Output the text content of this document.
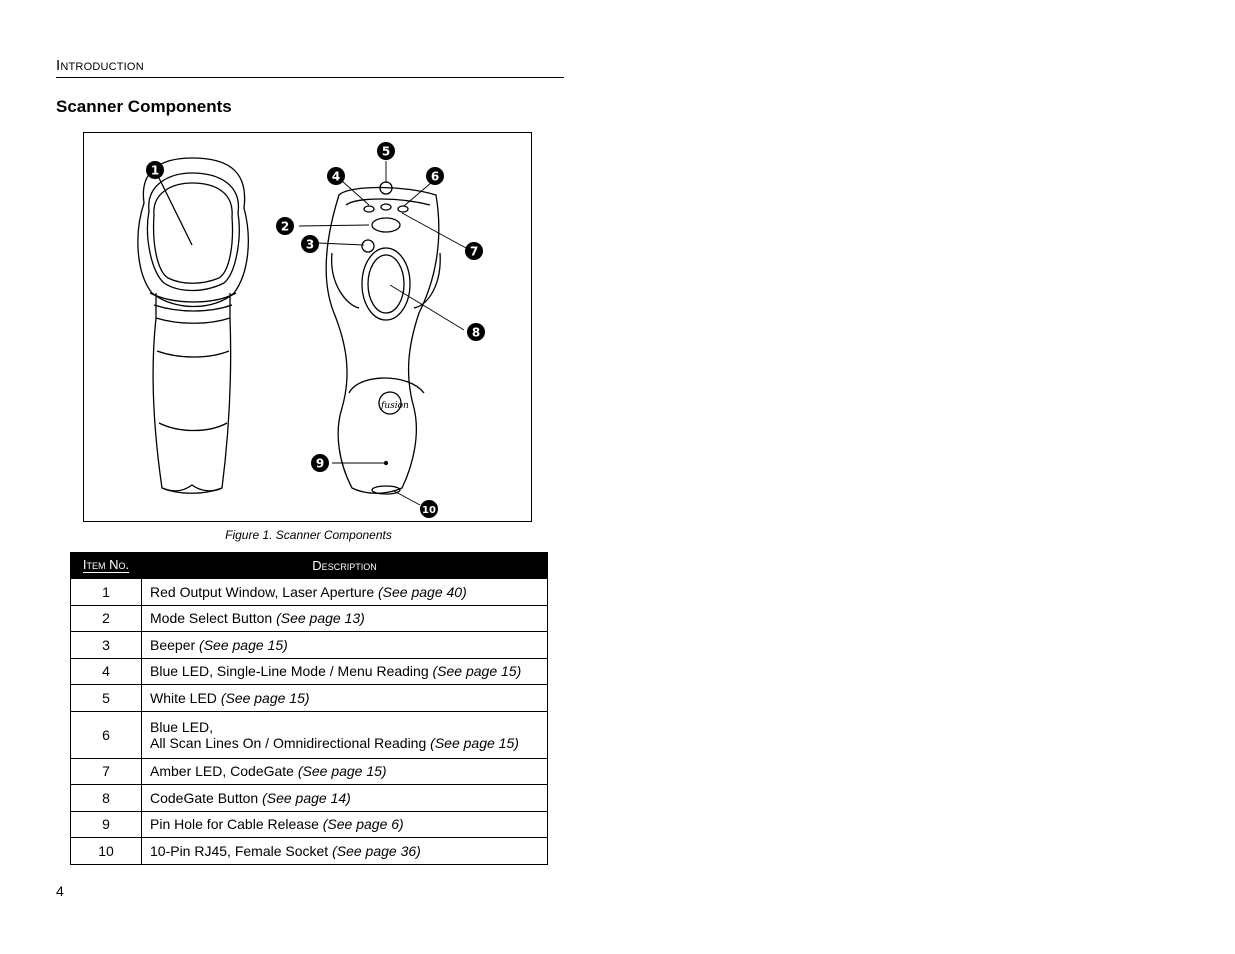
Introduction
Scanner Components
fusion
1
2
3
4
5
6
7
8
9
10
Figure 1. Scanner Components
Item No.	Description
1	Red Output Window, Laser Aperture (See page 40)
2	Mode Select Button (See page 13)
3	Beeper (See page 15)
4	Blue LED, Single-Line Mode / Menu Reading (See page 15)
5	White LED (See page 15)
6	Blue LED,
All Scan Lines On / Omnidirectional Reading (See page 15)
7	Amber LED, CodeGate (See page 15)
8	CodeGate Button (See page 14)
9	Pin Hole for Cable Release (See page 6)
10	10-Pin RJ45, Female Socket (See page 36)
4
